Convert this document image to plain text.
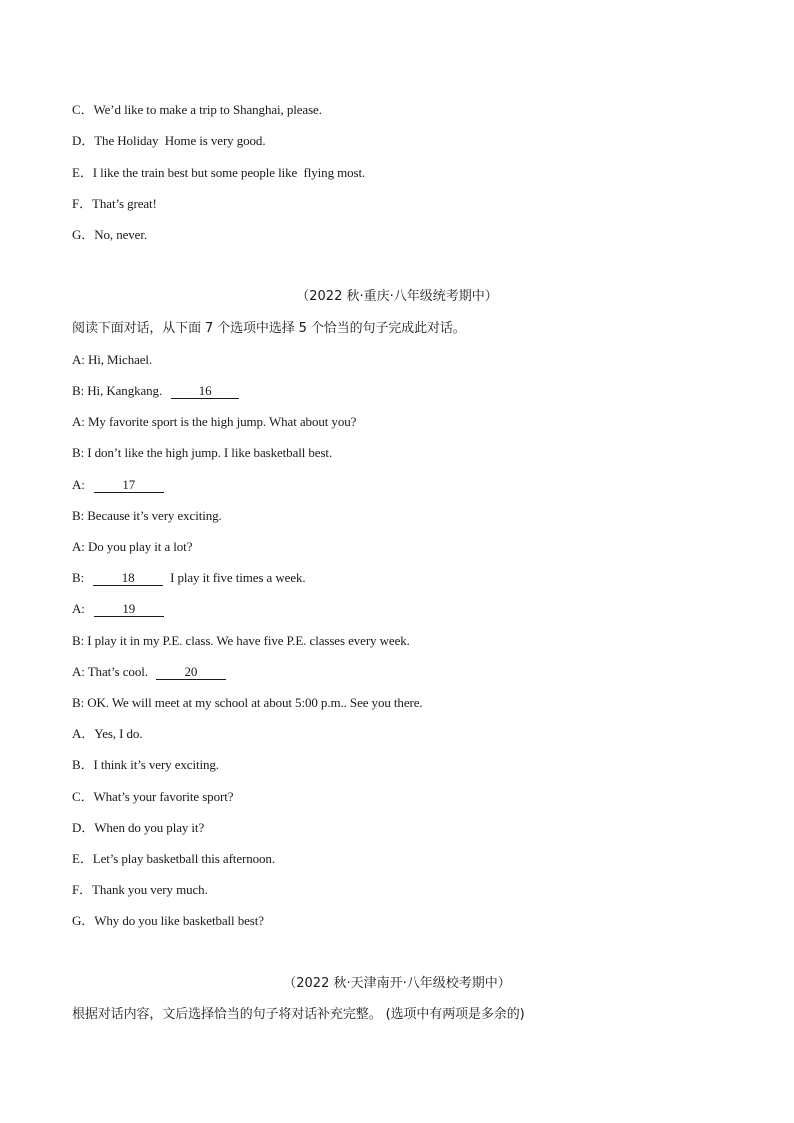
C．We’d like to make a trip to Shanghai, please.
D．The Holiday  Home is very good.
E．I like the train best but some people like  flying most.
F．That’s great!
G．No, never.
（2022 秋·重庆·八年级统考期中）
阅读下面对话，从下面 7 个选项中选择 5 个恰当的句子完成此对话。
A: Hi, Michael.
B: Hi, Kangkang.	16
A: My favorite sport is the high jump. What about you?
B: I don’t like the high jump. I like basketball best.
A:	17
B: Because it’s very exciting.
A: Do you play it a lot?
B:	18	I play it five times a week.
A:	19
B: I play it in my P.E. class. We have five P.E. classes every week.
A: That’s cool.	20
B: OK. We will meet at my school at about 5:00 p.m.. See you there.
A．Yes, I do.
B．I think it’s very exciting.
C．What’s your favorite sport?
D．When do you play it?
E．Let’s play basketball this afternoon.
F．Thank you very much.
G．Why do you like basketball best?
（2022 秋·天津南开·八年级校考期中）
根据对话内容，文后选择恰当的句子将对话补充完整。 (选项中有两项是多余的)
